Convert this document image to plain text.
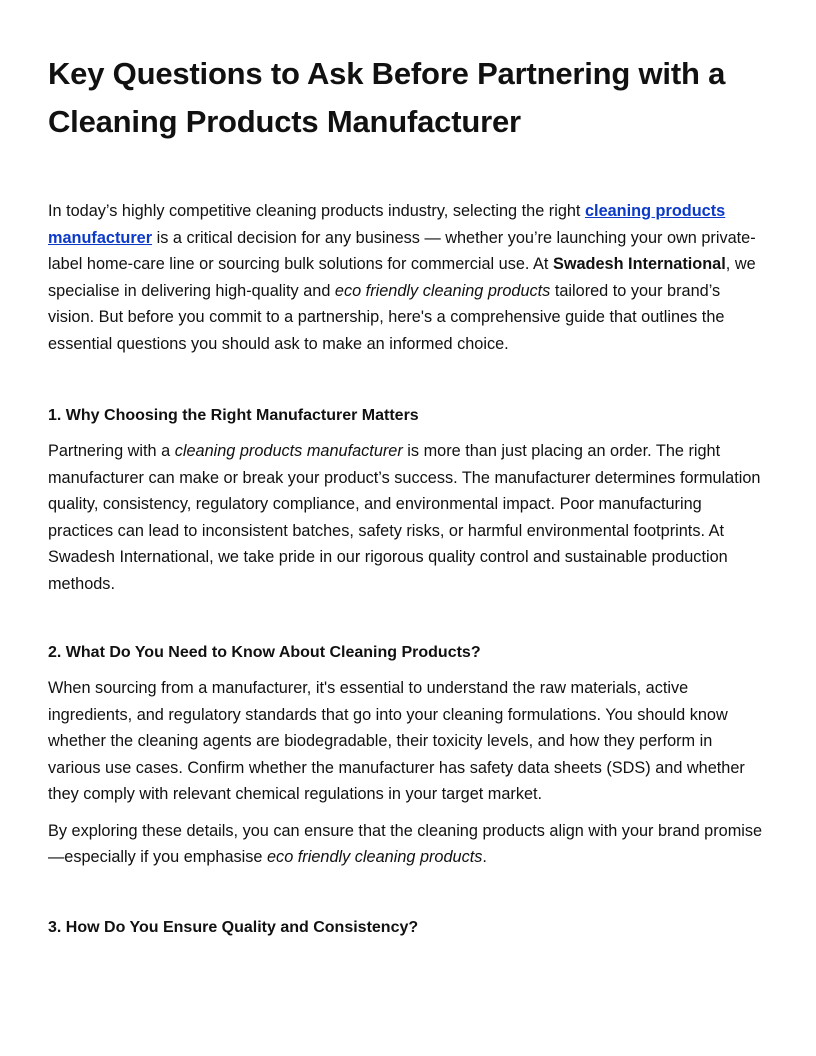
Key Questions to Ask Before Partnering with a Cleaning Products Manufacturer

In today’s highly competitive cleaning products industry, selecting the right cleaning products manufacturer is a critical decision for any business — whether you’re launching your own private-label home-care line or sourcing bulk solutions for commercial use. At Swadesh International, we specialise in delivering high-quality and eco friendly cleaning products tailored to your brand’s vision. But before you commit to a partnership, here's a comprehensive guide that outlines the essential questions you should ask to make an informed choice.

1. Why Choosing the Right Manufacturer Matters

Partnering with a cleaning products manufacturer is more than just placing an order. The right manufacturer can make or break your product’s success. The manufacturer determines formulation quality, consistency, regulatory compliance, and environmental impact. Poor manufacturing practices can lead to inconsistent batches, safety risks, or harmful environmental footprints. At Swadesh International, we take pride in our rigorous quality control and sustainable production methods.

2. What Do You Need to Know About Cleaning Products?

When sourcing from a manufacturer, it's essential to understand the raw materials, active ingredients, and regulatory standards that go into your cleaning formulations. You should know whether the cleaning agents are biodegradable, their toxicity levels, and how they perform in various use cases. Confirm whether the manufacturer has safety data sheets (SDS) and whether they comply with relevant chemical regulations in your target market.

By exploring these details, you can ensure that the cleaning products align with your brand promise—especially if you emphasise eco friendly cleaning products.

3. How Do You Ensure Quality and Consistency?
